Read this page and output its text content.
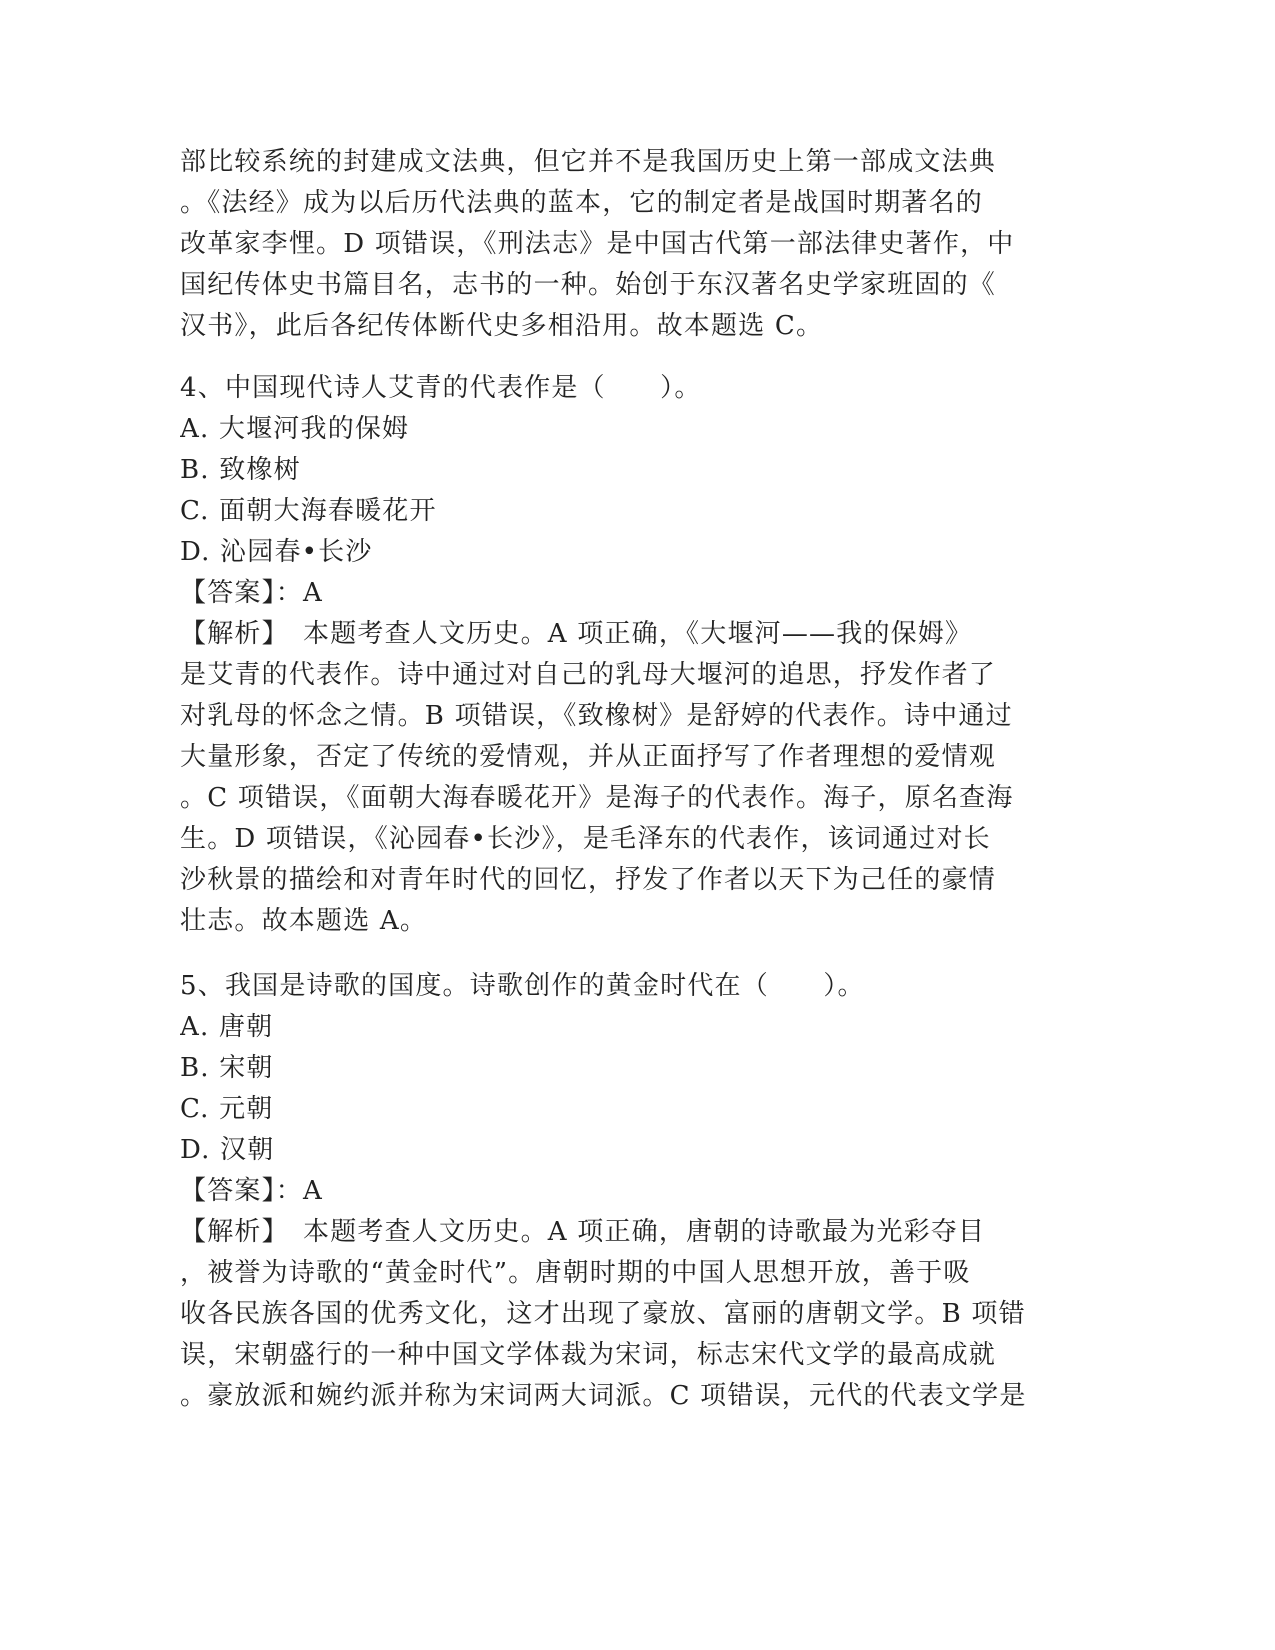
部比较系统的封建成文法典，但它并不是我国历史上第一部成文法典
。《法经》成为以后历代法典的蓝本，它的制定者是战国时期著名的
改革家李悝。D 项错误，《刑法志》是中国古代第一部法律史著作，中
国纪传体史书篇目名，志书的一种。始创于东汉著名史学家班固的《
汉书》，此后各纪传体断代史多相沿用。故本题选 C。
4、中国现代诗人艾青的代表作是（　　）。
A. 大堰河我的保姆
B. 致橡树
C. 面朝大海春暖花开
D. 沁园春•长沙
【答案】：A
【解析】　本题考查人文历史。A 项正确，《大堰河——我的保姆》
是艾青的代表作。诗中通过对自己的乳母大堰河的追思，抒发作者了
对乳母的怀念之情。B 项错误，《致橡树》是舒婷的代表作。诗中通过
大量形象，否定了传统的爱情观，并从正面抒写了作者理想的爱情观
。C 项错误，《面朝大海春暖花开》是海子的代表作。海子，原名查海
生。D 项错误，《沁园春•长沙》，是毛泽东的代表作，该词通过对长
沙秋景的描绘和对青年时代的回忆，抒发了作者以天下为己任的豪情
壮志。故本题选 A。
5、我国是诗歌的国度。诗歌创作的黄金时代在（　　）。
A. 唐朝
B. 宋朝
C. 元朝
D. 汉朝
【答案】：A
【解析】　本题考查人文历史。A 项正确，唐朝的诗歌最为光彩夺目
，被誉为诗歌的“黄金时代”。唐朝时期的中国人思想开放，善于吸
收各民族各国的优秀文化，这才出现了豪放、富丽的唐朝文学。B 项错
误，宋朝盛行的一种中国文学体裁为宋词，标志宋代文学的最高成就
。豪放派和婉约派并称为宋词两大词派。C 项错误，元代的代表文学是
